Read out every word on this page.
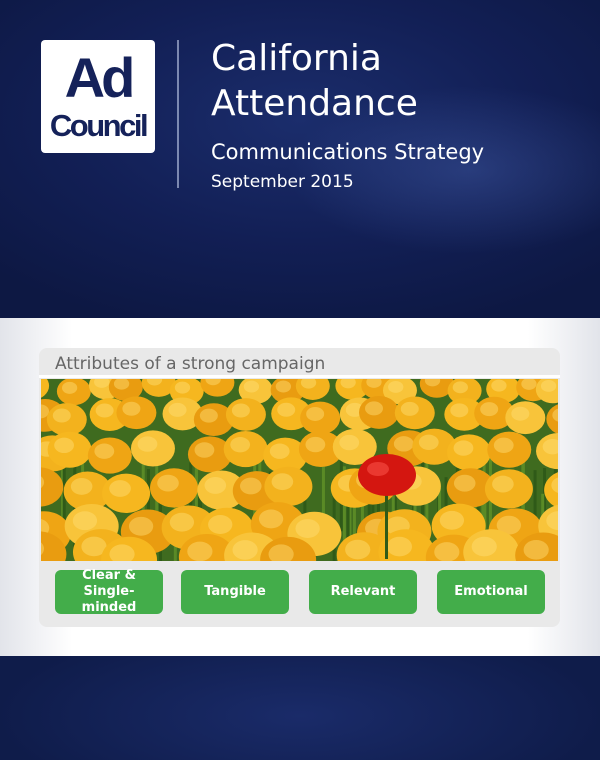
Ad
Council
California
Attendance
Communications Strategy
September 2015
Attributes of a strong campaign
Clear &
Single-minded
Tangible	Relevant	Emotional
